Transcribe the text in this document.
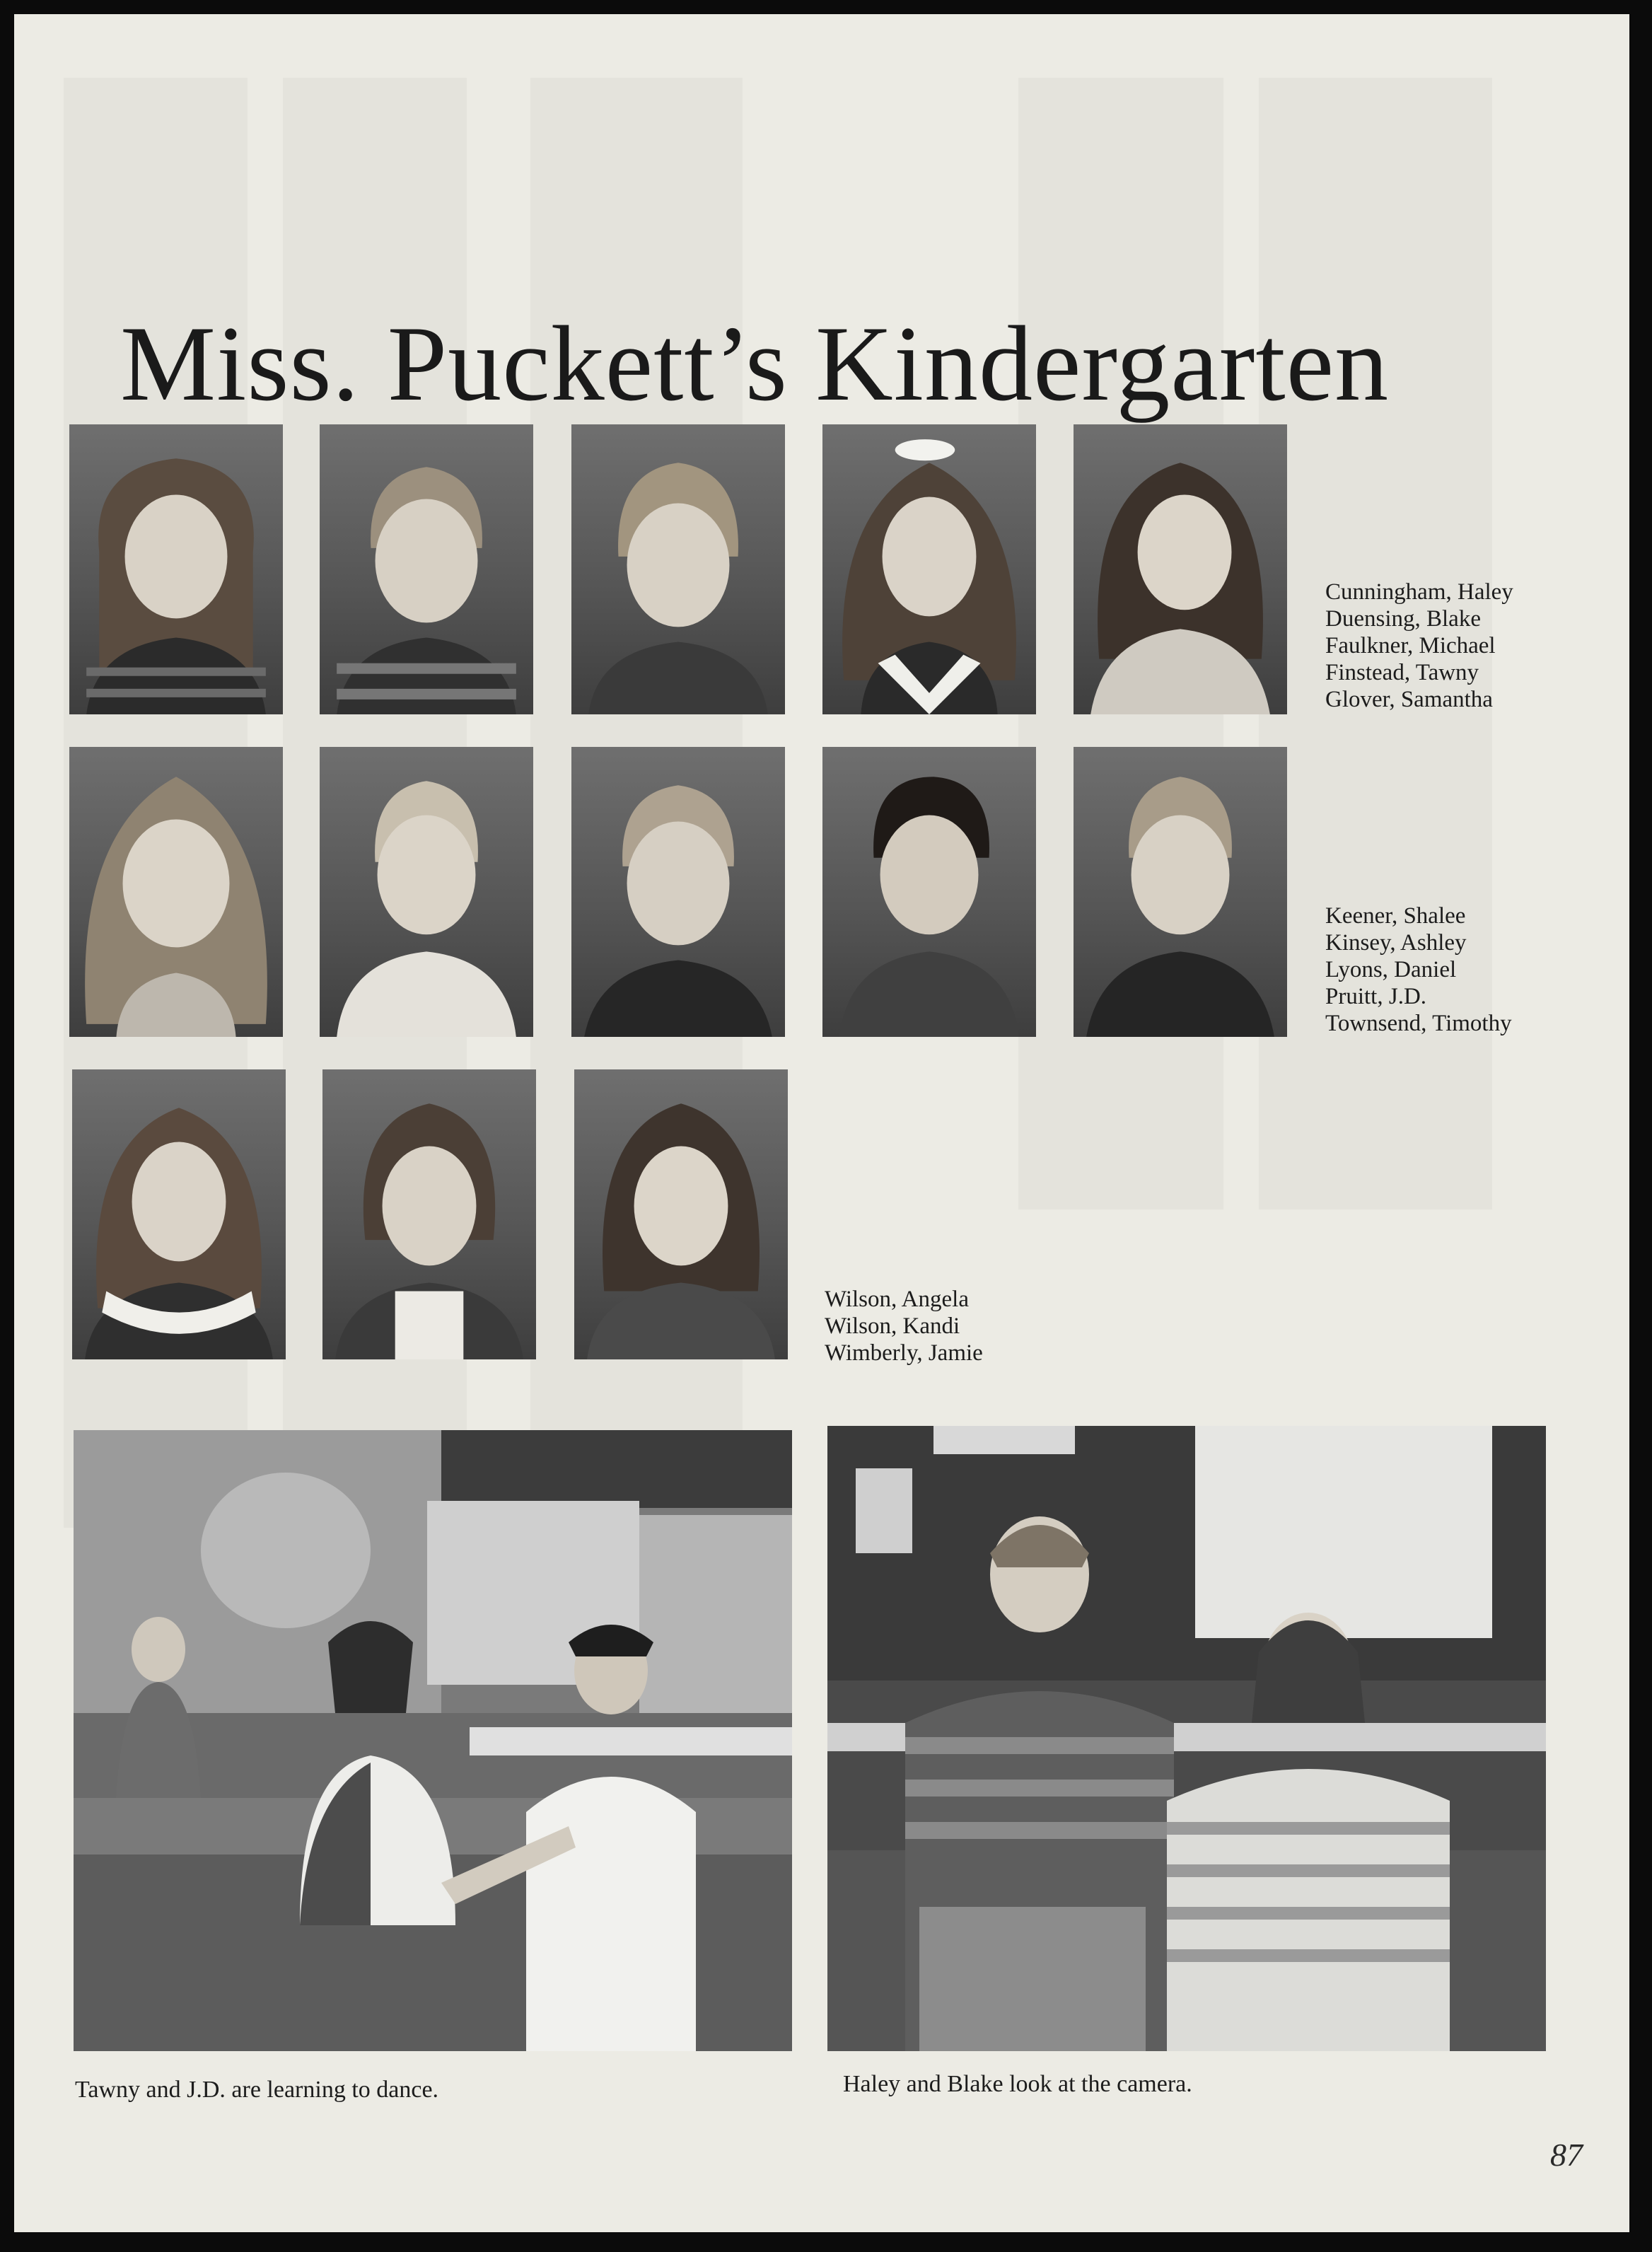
Miss. Puckett’s Kindergarten
Cunningham, Haley
Duensing, Blake
Faulkner, Michael
Finstead, Tawny
Glover, Samantha
Keener, Shalee
Kinsey, Ashley
Lyons, Daniel
Pruitt, J.D.
Townsend, Timothy
Wilson, Angela
Wilson, Kandi
Wimberly, Jamie
Tawny and J.D. are learning to dance.	Haley and Blake look at the camera.
87
